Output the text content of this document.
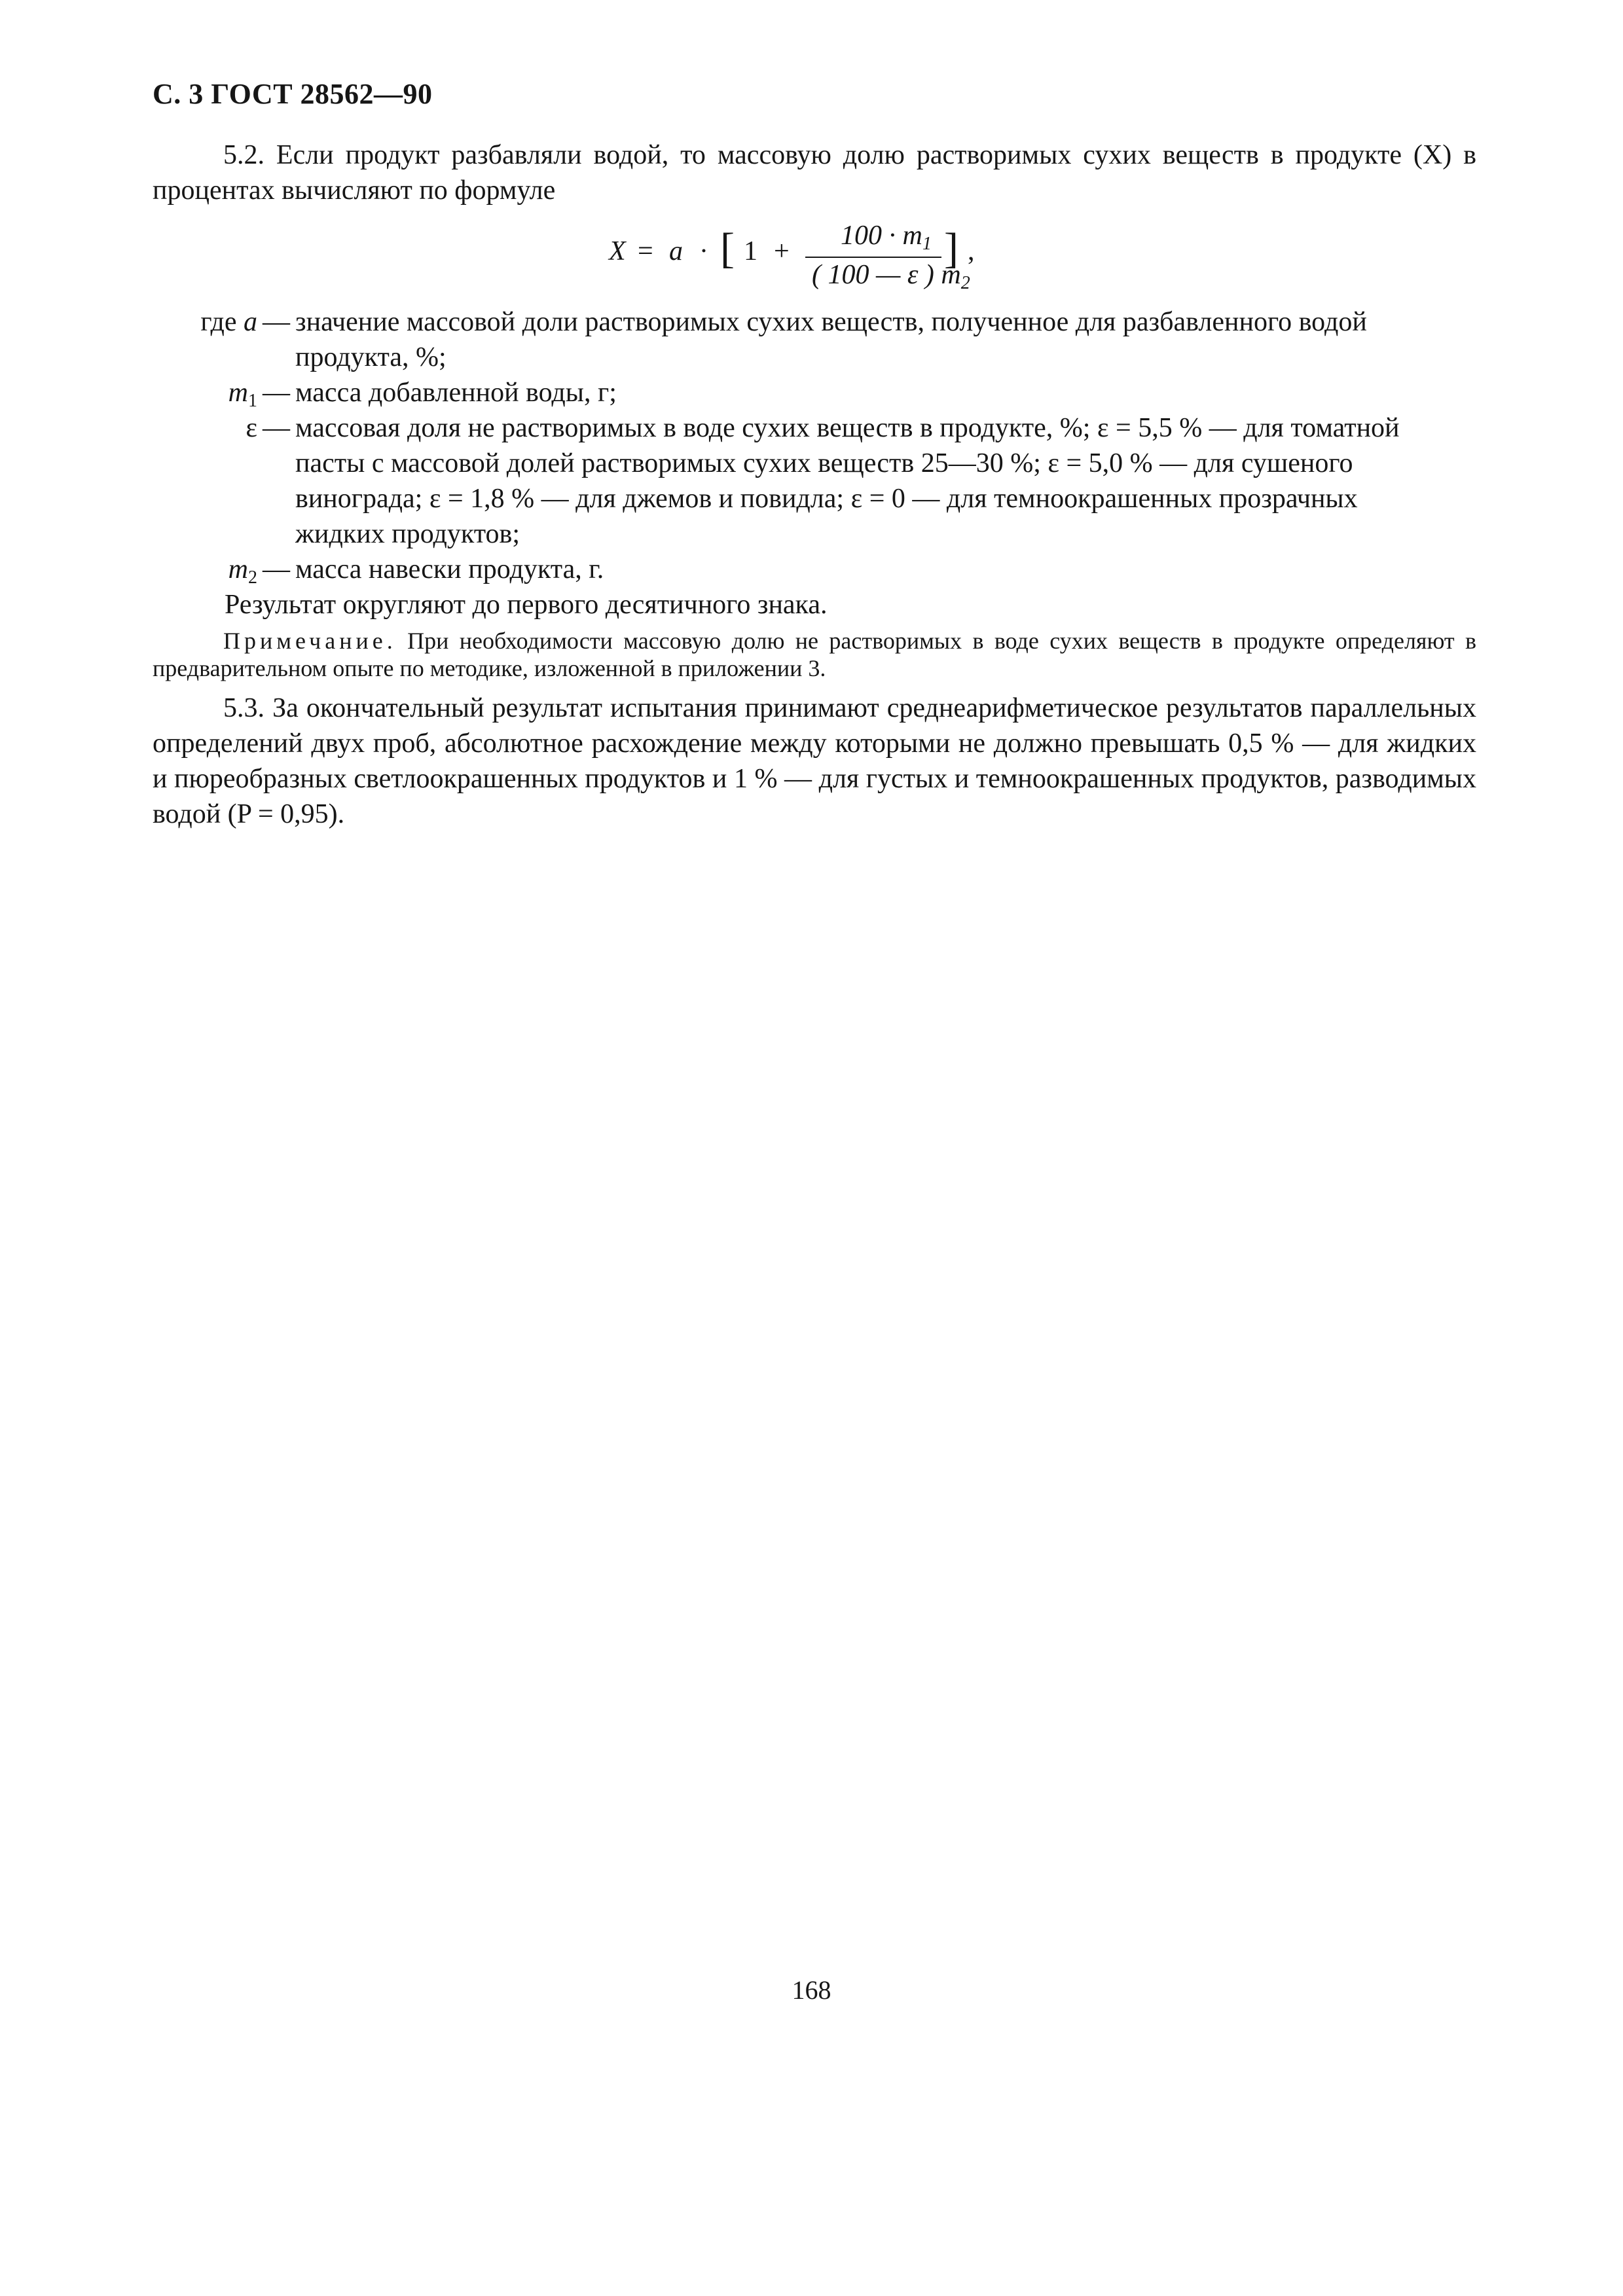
С. 3 ГОСТ 28562—90
5.2. Если продукт разбавляли водой, то массовую долю растворимых сухих веществ в продукте (X) в процентах вычисляют по формуле
X = a · [ 1 +
$100 \cdot m_1$
( 100 — ε ) $m_2$
] ,
где a — значение массовой доли растворимых сухих веществ, полученное для разбавленного водой
продукта, %;
$m_1$ — масса добавленной воды, г;
ε — массовая доля не растворимых в воде сухих веществ в продукте, %; ε = 5,5 % — для томатной
пасты с массовой долей растворимых сухих веществ 25—30 %; ε = 5,0 % — для сушеного
винограда; ε = 1,8 % — для джемов и повидла; ε = 0 — для темноокрашенных прозрачных
жидких продуктов;
$m_2$ — масса навески продукта, г.
Результат округляют до первого десятичного знака.
Примечание. При необходимости массовую долю не растворимых в воде сухих веществ в продукте определяют в предварительном опыте по методике, изложенной в приложении 3.
5.3. За окончательный результат испытания принимают среднеарифметическое результатов параллельных определений двух проб, абсолютное расхождение между которыми не должно превышать 0,5 % — для жидких и пюреобразных светлоокрашенных продуктов и 1 % — для густых и темноокрашенных продуктов, разводимых водой (P = 0,95).
168
